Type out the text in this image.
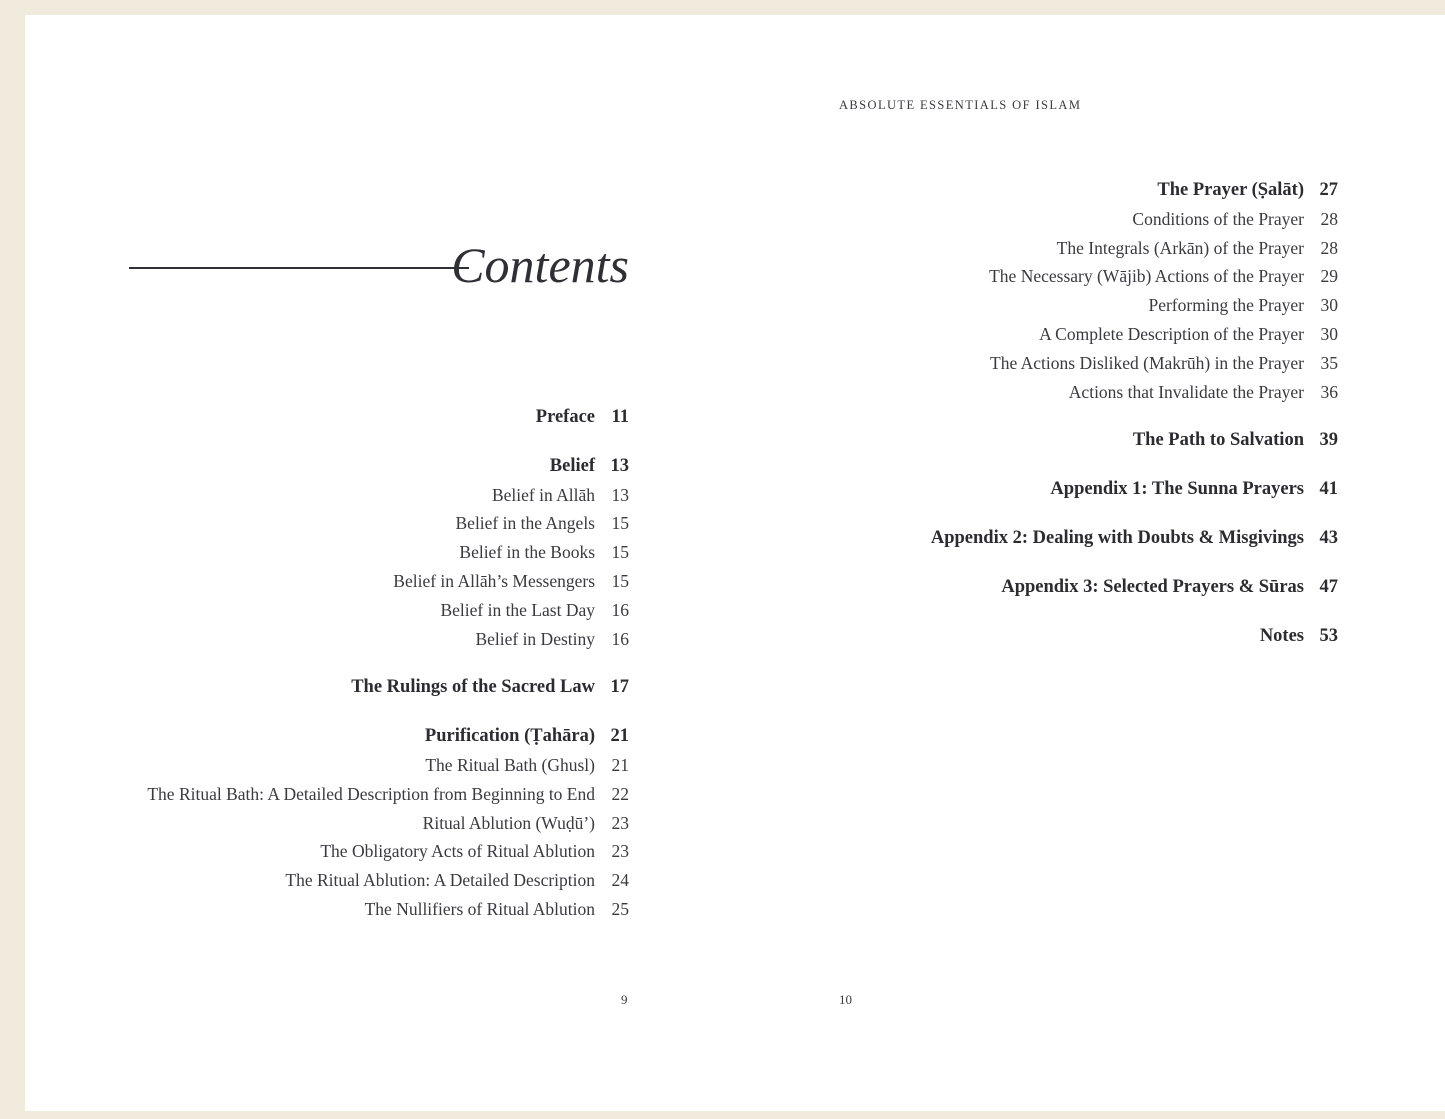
Contents
Preface 11
Belief 13
Belief in Allāh 13
Belief in the Angels 15
Belief in the Books 15
Belief in Allāh’s Messengers 15
Belief in the Last Day 16
Belief in Destiny 16
The Rulings of the Sacred Law 17
Purification (Ṭahāra) 21
The Ritual Bath (Ghusl) 21
The Ritual Bath: A Detailed Description from Beginning to End 22
Ritual Ablution (Wuḍū’) 23
The Obligatory Acts of Ritual Ablution 23
The Ritual Ablution: A Detailed Description 24
The Nullifiers of Ritual Ablution 25
9
ABSOLUTE ESSENTIALS OF ISLAM
The Prayer (Ṣalāt) 27
Conditions of the Prayer 28
The Integrals (Arkān) of the Prayer 28
The Necessary (Wājib) Actions of the Prayer 29
Performing the Prayer 30
A Complete Description of the Prayer 30
The Actions Disliked (Makrūh) in the Prayer 35
Actions that Invalidate the Prayer 36
The Path to Salvation 39
Appendix 1: The Sunna Prayers 41
Appendix 2: Dealing with Doubts & Misgivings 43
Appendix 3: Selected Prayers & Sūras 47
Notes 53
10
